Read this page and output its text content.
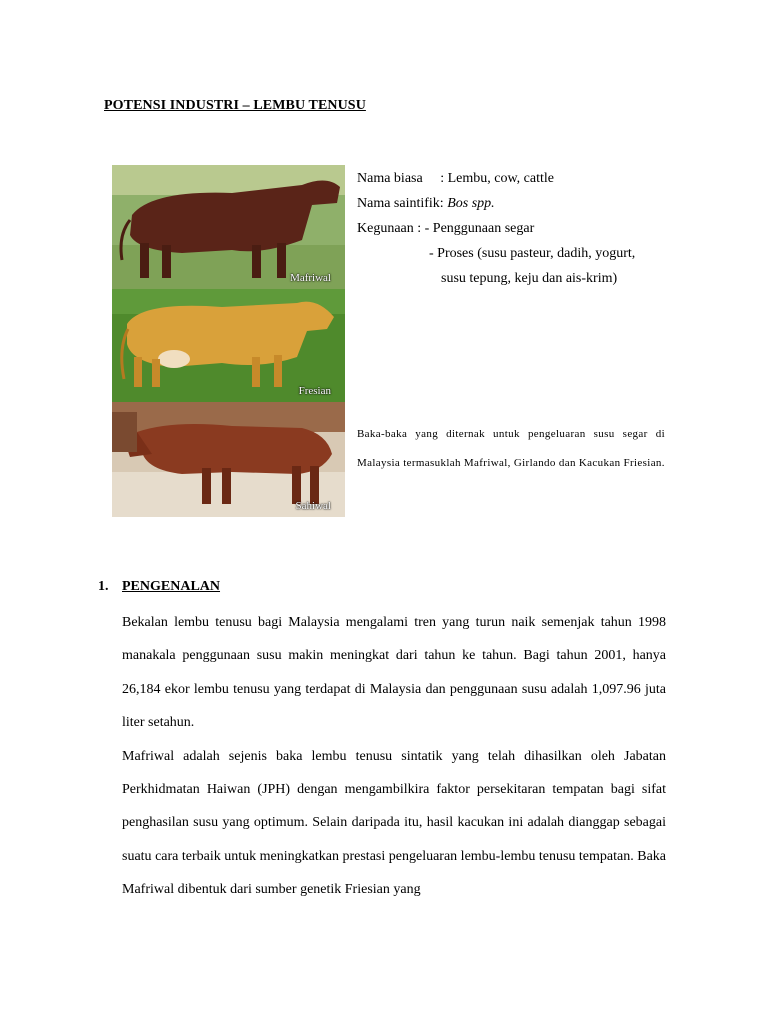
POTENSI INDUSTRI – LEMBU TENUSU
Mafriwal
Fresian
Sahiwal
Nama biasa     : Lembu, cow, cattle
Nama saintifik: Bos spp.
Kegunaan : - Penggunaan segar
- Proses (susu pasteur, dadih, yogurt,
susu tepung, keju dan ais-krim)
Baka-baka yang diternak untuk pengeluaran susu segar di Malaysia termasuklah Mafriwal, Girlando dan Kacukan Friesian.
1. PENGENALAN

Bekalan lembu tenusu bagi Malaysia mengalami tren yang turun naik semenjak tahun 1998 manakala penggunaan susu makin meningkat dari tahun ke tahun. Bagi tahun 2001, hanya 26,184 ekor lembu tenusu yang terdapat di Malaysia dan penggunaan susu adalah 1,097.96 juta liter setahun.

Mafriwal adalah sejenis baka lembu tenusu sintatik yang telah dihasilkan oleh Jabatan Perkhidmatan Haiwan (JPH) dengan mengambilkira faktor persekitaran tempatan bagi sifat penghasilan susu yang optimum. Selain daripada itu, hasil kacukan ini adalah dianggap sebagai suatu cara terbaik untuk meningkatkan prestasi pengeluaran lembu-lembu tenusu tempatan. Baka Mafriwal dibentuk dari sumber genetik Friesian yang
